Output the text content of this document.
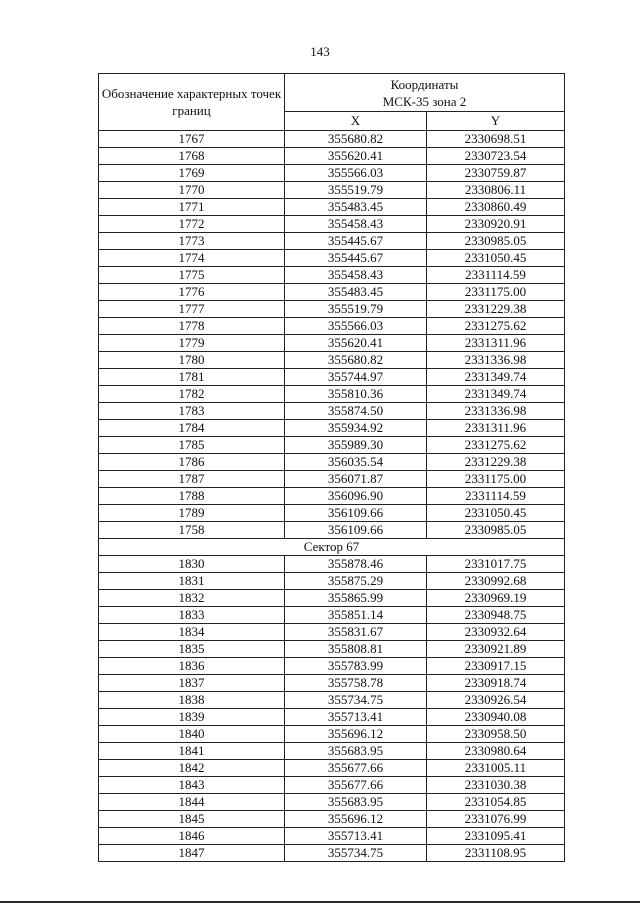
143
Обозначение характерных точек границ	Координаты
МСК-35 зона 2	
	X	Y
1767	355680.82	2330698.51
1768	355620.41	2330723.54
1769	355566.03	2330759.87
1770	355519.79	2330806.11
1771	355483.45	2330860.49
1772	355458.43	2330920.91
1773	355445.67	2330985.05
1774	355445.67	2331050.45
1775	355458.43	2331114.59
1776	355483.45	2331175.00
1777	355519.79	2331229.38
1778	355566.03	2331275.62
1779	355620.41	2331311.96
1780	355680.82	2331336.98
1781	355744.97	2331349.74
1782	355810.36	2331349.74
1783	355874.50	2331336.98
1784	355934.92	2331311.96
1785	355989.30	2331275.62
1786	356035.54	2331229.38
1787	356071.87	2331175.00
1788	356096.90	2331114.59
1789	356109.66	2331050.45
1758	356109.66	2330985.05
Сектор 67		
1830	355878.46	2331017.75
1831	355875.29	2330992.68
1832	355865.99	2330969.19
1833	355851.14	2330948.75
1834	355831.67	2330932.64
1835	355808.81	2330921.89
1836	355783.99	2330917.15
1837	355758.78	2330918.74
1838	355734.75	2330926.54
1839	355713.41	2330940.08
1840	355696.12	2330958.50
1841	355683.95	2330980.64
1842	355677.66	2331005.11
1843	355677.66	2331030.38
1844	355683.95	2331054.85
1845	355696.12	2331076.99
1846	355713.41	2331095.41
1847	355734.75	2331108.95
